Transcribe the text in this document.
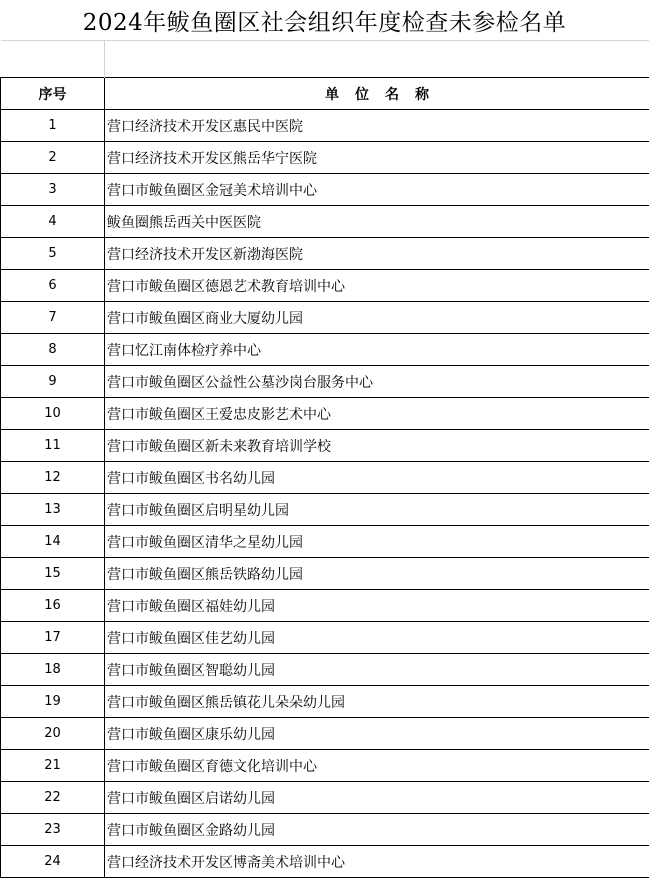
2024年鲅鱼圈区社会组织年度检查未参检名单

序号	单位名称
1	营口经济技术开发区惠民中医院
2	营口经济技术开发区熊岳华宁医院
3	营口市鲅鱼圈区金冠美术培训中心
4	鲅鱼圈熊岳西关中医医院
5	营口经济技术开发区新渤海医院
6	营口市鲅鱼圈区德恩艺术教育培训中心
7	营口市鲅鱼圈区商业大厦幼儿园
8	营口忆江南体检疗养中心
9	营口市鲅鱼圈区公益性公墓沙岗台服务中心
10	营口市鲅鱼圈区王爱忠皮影艺术中心
11	营口市鲅鱼圈区新未来教育培训学校
12	营口市鲅鱼圈区书名幼儿园
13	营口市鲅鱼圈区启明星幼儿园
14	营口市鲅鱼圈区清华之星幼儿园
15	营口市鲅鱼圈区熊岳铁路幼儿园
16	营口市鲅鱼圈区福娃幼儿园
17	营口市鲅鱼圈区佳艺幼儿园
18	营口市鲅鱼圈区智聪幼儿园
19	营口市鲅鱼圈区熊岳镇花儿朵朵幼儿园
20	营口市鲅鱼圈区康乐幼儿园
21	营口市鲅鱼圈区育德文化培训中心
22	营口市鲅鱼圈区启诺幼儿园
23	营口市鲅鱼圈区金路幼儿园
24	营口经济技术开发区博斋美术培训中心
